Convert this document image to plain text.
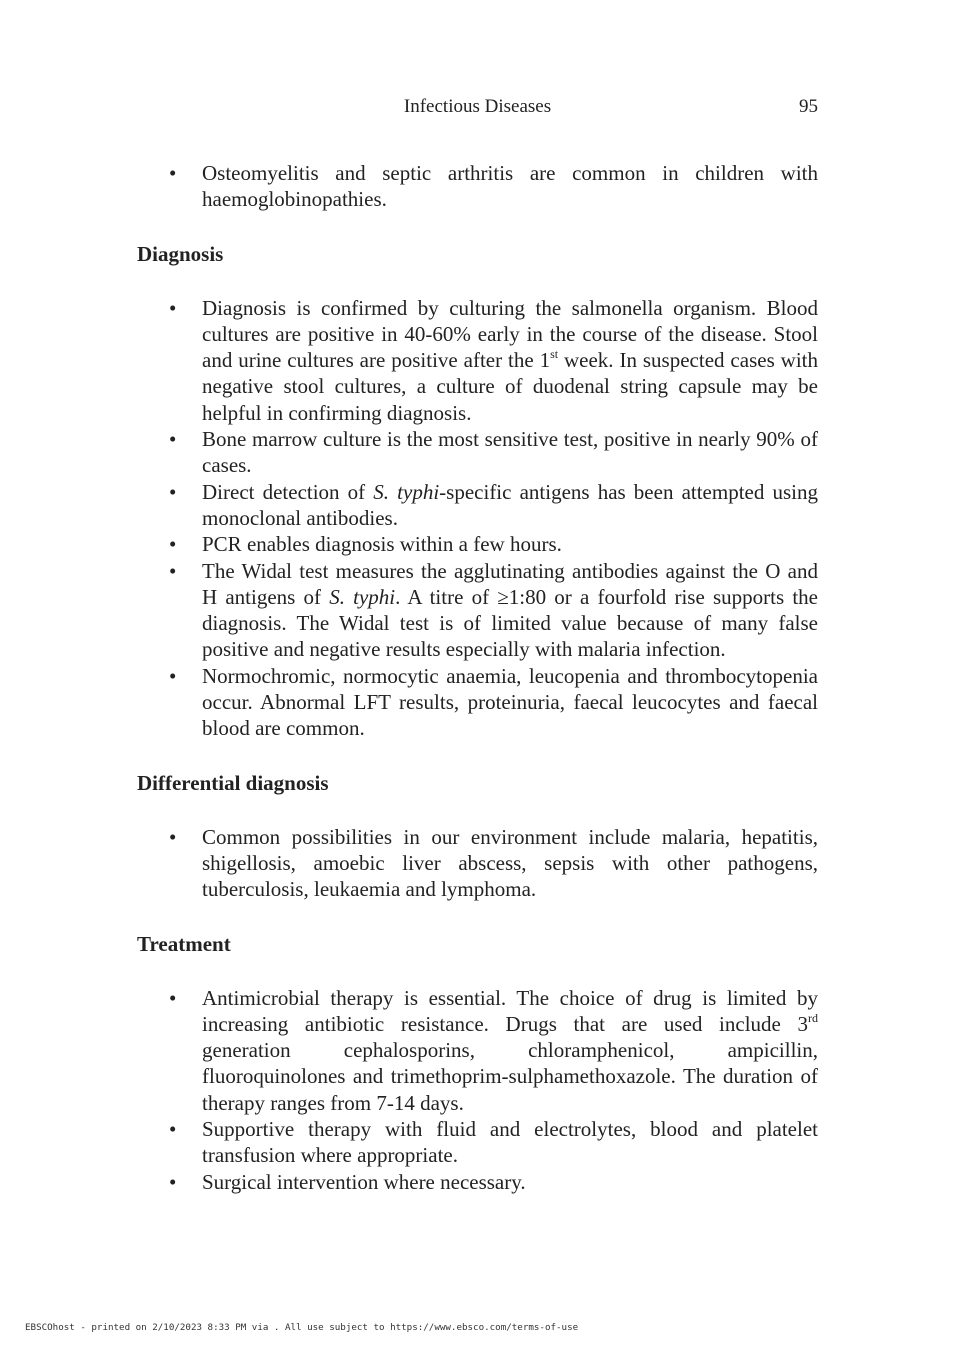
Infectious Diseases	95
• Osteomyelitis and septic arthritis are common in children with haemoglobinopathies.
Diagnosis
• Diagnosis is confirmed by culturing the salmonella organism. Blood cultures are positive in 40-60% early in the course of the disease. Stool and urine cultures are positive after the 1st week. In suspected cases with negative stool cultures, a culture of duodenal string capsule may be helpful in confirming diagnosis.
• Bone marrow culture is the most sensitive test, positive in nearly 90% of cases.
• Direct detection of S. typhi-specific antigens has been attempted using monoclonal antibodies.
• PCR enables diagnosis within a few hours.
• The Widal test measures the agglutinating antibodies against the O and H antigens of S. typhi. A titre of ≥1:80 or a fourfold rise supports the diagnosis. The Widal test is of limited value because of many false positive and negative results especially with malaria infection.
• Normochromic, normocytic anaemia, leucopenia and thrombocytopenia occur. Abnormal LFT results, proteinuria, faecal leucocytes and faecal blood are common.
Differential diagnosis
• Common possibilities in our environment include malaria, hepatitis, shigellosis, amoebic liver abscess, sepsis with other pathogens, tuberculosis, leukaemia and lymphoma.
Treatment
• Antimicrobial therapy is essential. The choice of drug is limited by increasing antibiotic resistance. Drugs that are used include 3rd generation cephalosporins, chloramphenicol, ampicillin, fluoroquinolones and trimethoprim-sulphamethoxazole. The duration of therapy ranges from 7-14 days.
• Supportive therapy with fluid and electrolytes, blood and platelet transfusion where appropriate.
• Surgical intervention where necessary.
EBSCOhost - printed on 2/10/2023 8:33 PM via . All use subject to https://www.ebsco.com/terms-of-use
